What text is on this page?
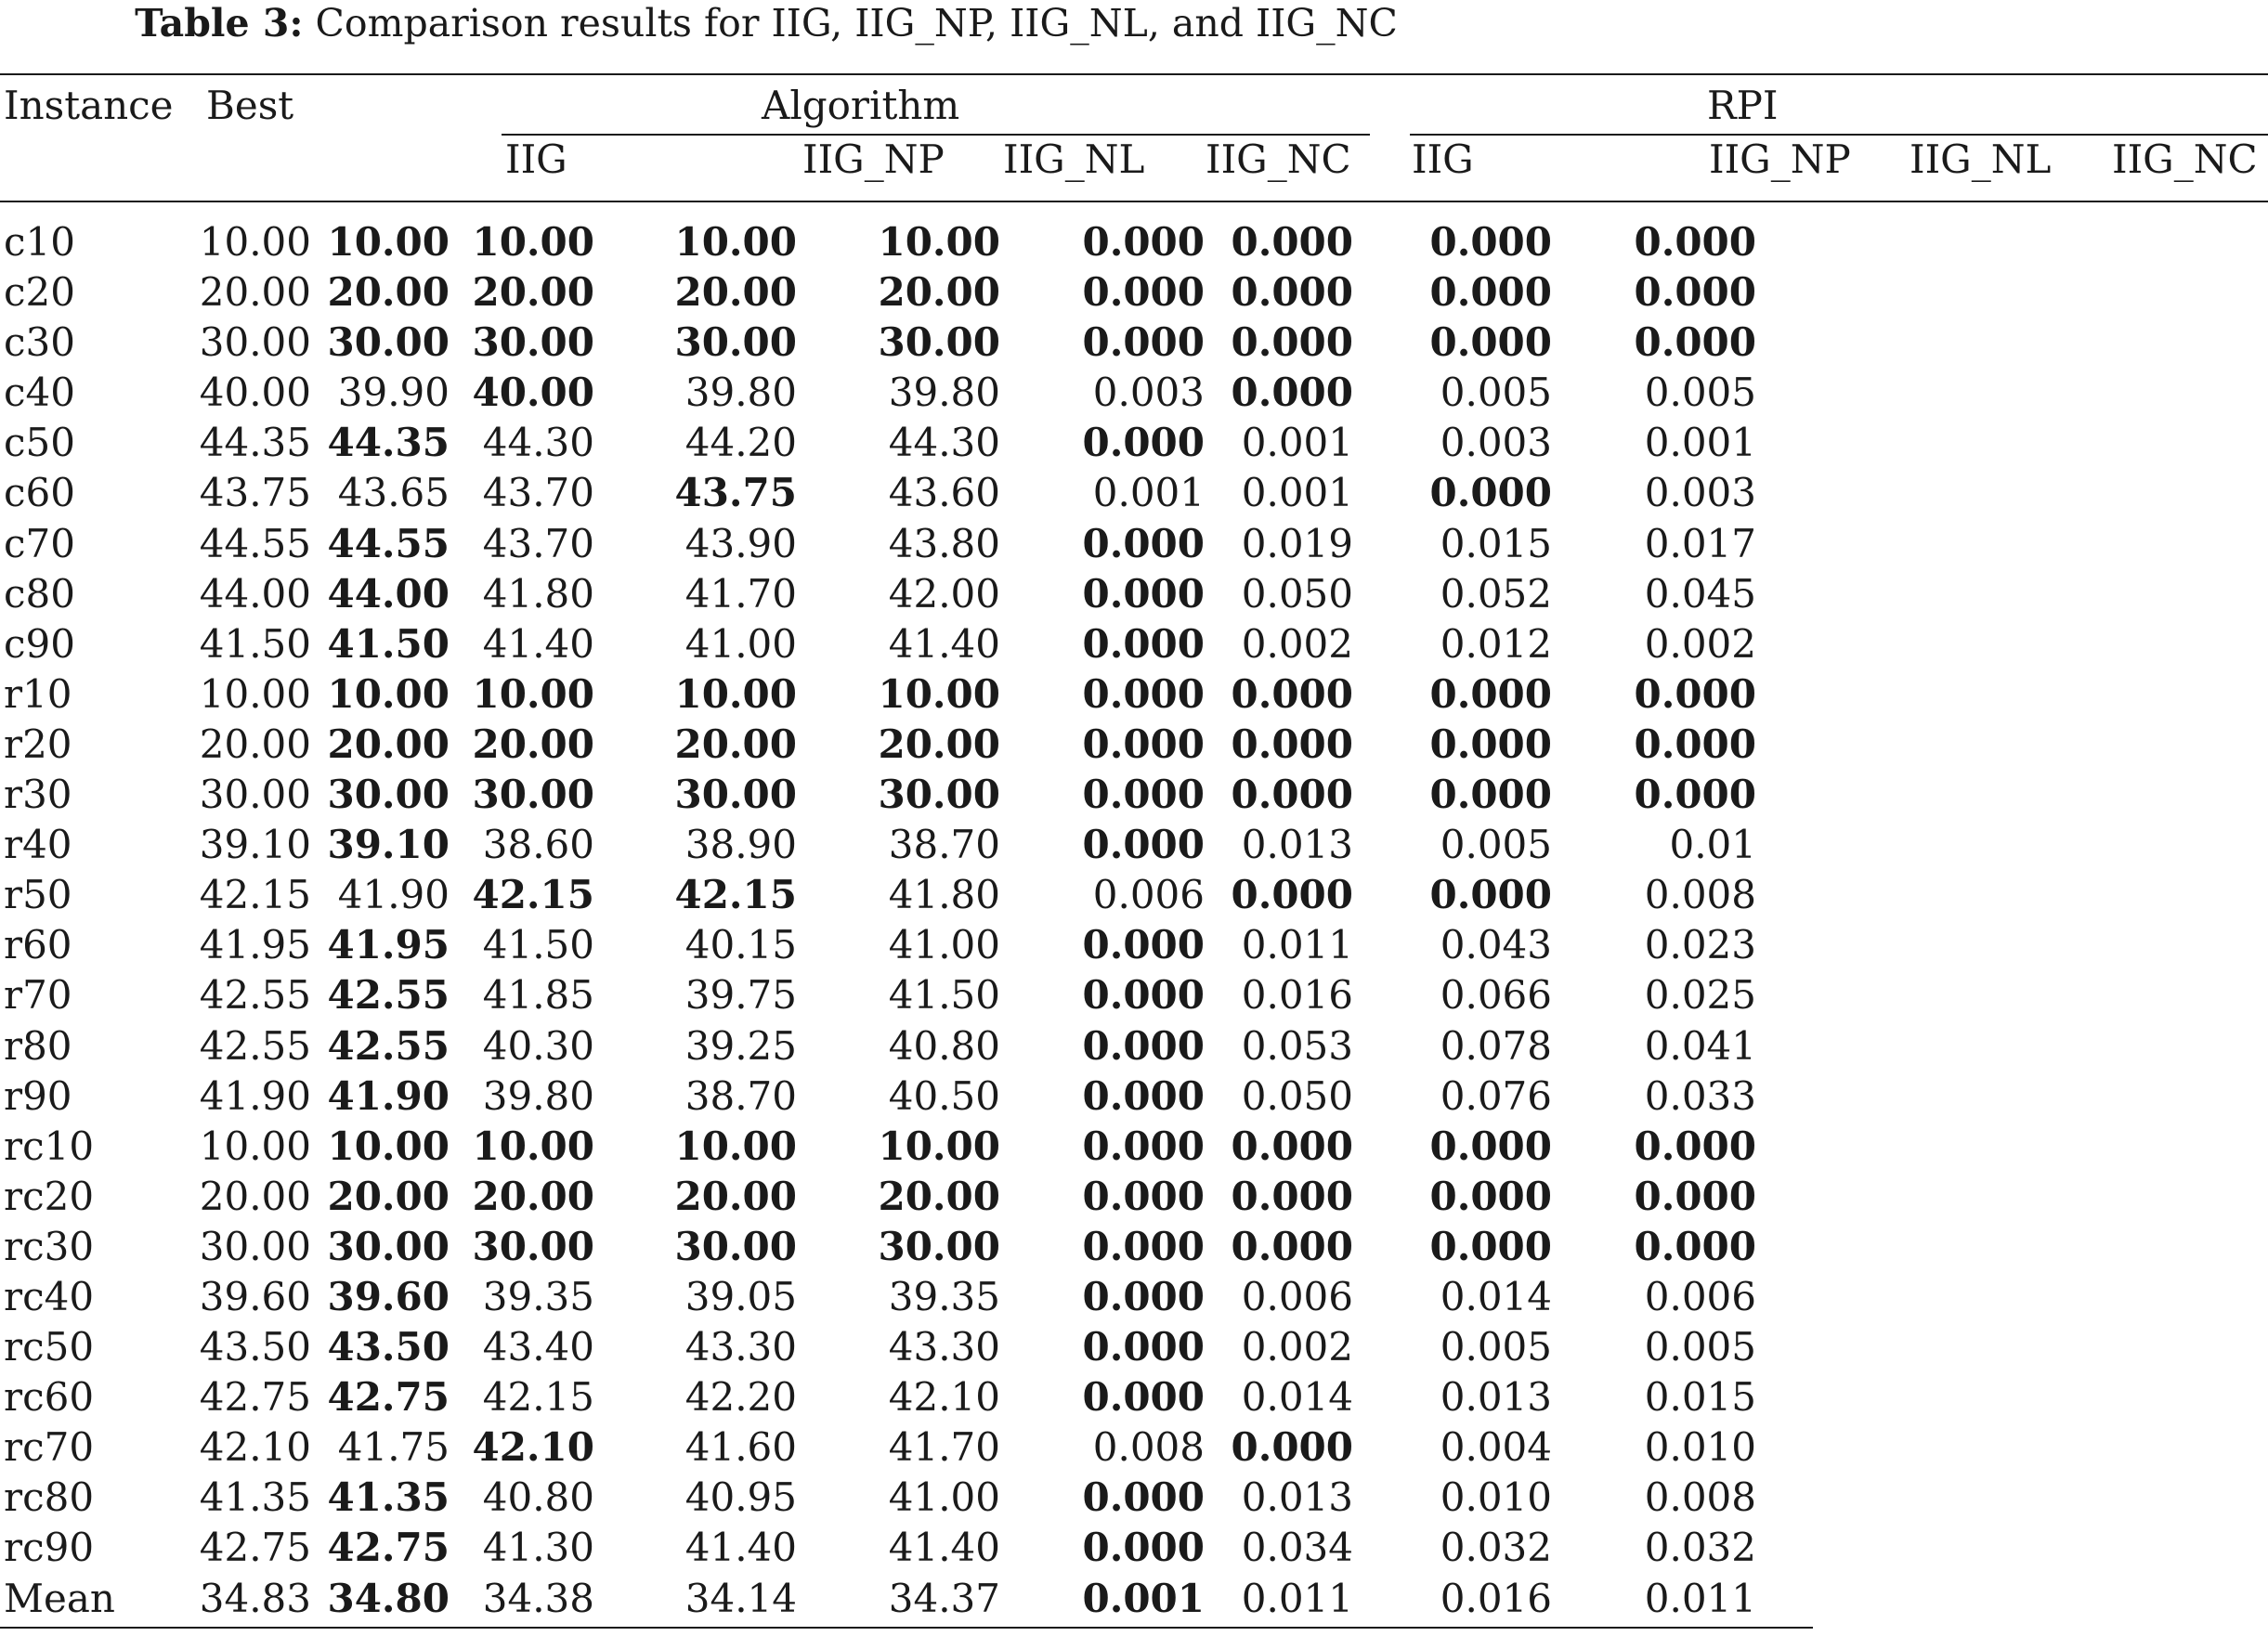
Table 3: Comparison results for IIG, IIG_NP, IIG_NL, and IIG_NC
Instance Best	Algorithm	RPI
IIG	IIG_NP IIG_NL IIG_NC IIG	IIG_NP IIG_NL IIG_NC
c10	10.00 10.00 10.00 10.00 10.00 0.000 0.000 0.000 0.000
c20	20.00 20.00 20.00 20.00 20.00 0.000 0.000 0.000 0.000
c30	30.00 30.00 30.00 30.00 30.00 0.000 0.000 0.000 0.000
c40	40.00 39.90 40.00 39.80 39.80 0.003 0.000 0.005 0.005
c50	44.35 44.35 44.30 44.20 44.30 0.000 0.001 0.003 0.001
c60	43.75 43.65 43.70 43.75 43.60 0.001 0.001 0.000 0.003
c70	44.55 44.55 43.70 43.90 43.80 0.000 0.019 0.015 0.017
c80	44.00 44.00 41.80 41.70 42.00 0.000 0.050 0.052 0.045
c90	41.50 41.50 41.40 41.00 41.40 0.000 0.002 0.012 0.002
r10	10.00 10.00 10.00 10.00 10.00 0.000 0.000 0.000 0.000
r20	20.00 20.00 20.00 20.00 20.00 0.000 0.000 0.000 0.000
r30	30.00 30.00 30.00 30.00 30.00 0.000 0.000 0.000 0.000
r40	39.10 39.10 38.60 38.90 38.70 0.000 0.013 0.005	0.01
r50	42.15 41.90 42.15 42.15 41.80 0.006 0.000 0.000 0.008
r60	41.95 41.95 41.50 40.15 41.00 0.000 0.011 0.043 0.023
r70	42.55 42.55 41.85 39.75 41.50 0.000 0.016 0.066 0.025
r80	42.55 42.55 40.30 39.25 40.80 0.000 0.053 0.078 0.041
r90	41.90 41.90 39.80 38.70 40.50 0.000 0.050 0.076 0.033
rc10	10.00 10.00 10.00 10.00 10.00 0.000 0.000 0.000 0.000
rc20	20.00 20.00 20.00 20.00 20.00 0.000 0.000 0.000 0.000
rc30	30.00 30.00 30.00 30.00 30.00 0.000 0.000 0.000 0.000
rc40	39.60 39.60 39.35 39.05 39.35 0.000 0.006 0.014 0.006
rc50	43.50 43.50 43.40 43.30 43.30 0.000 0.002 0.005 0.005
rc60	42.75 42.75 42.15 42.20 42.10 0.000 0.014 0.013 0.015
rc70	42.10 41.75 42.10 41.60 41.70 0.008 0.000 0.004 0.010
rc80	41.35 41.35 40.80 40.95 41.00 0.000 0.013 0.010 0.008
rc90	42.75 42.75 41.30 41.40 41.40 0.000 0.034 0.032 0.032
Mean 34.83 34.80 34.38 34.14 34.37 0.001 0.011 0.016 0.011
